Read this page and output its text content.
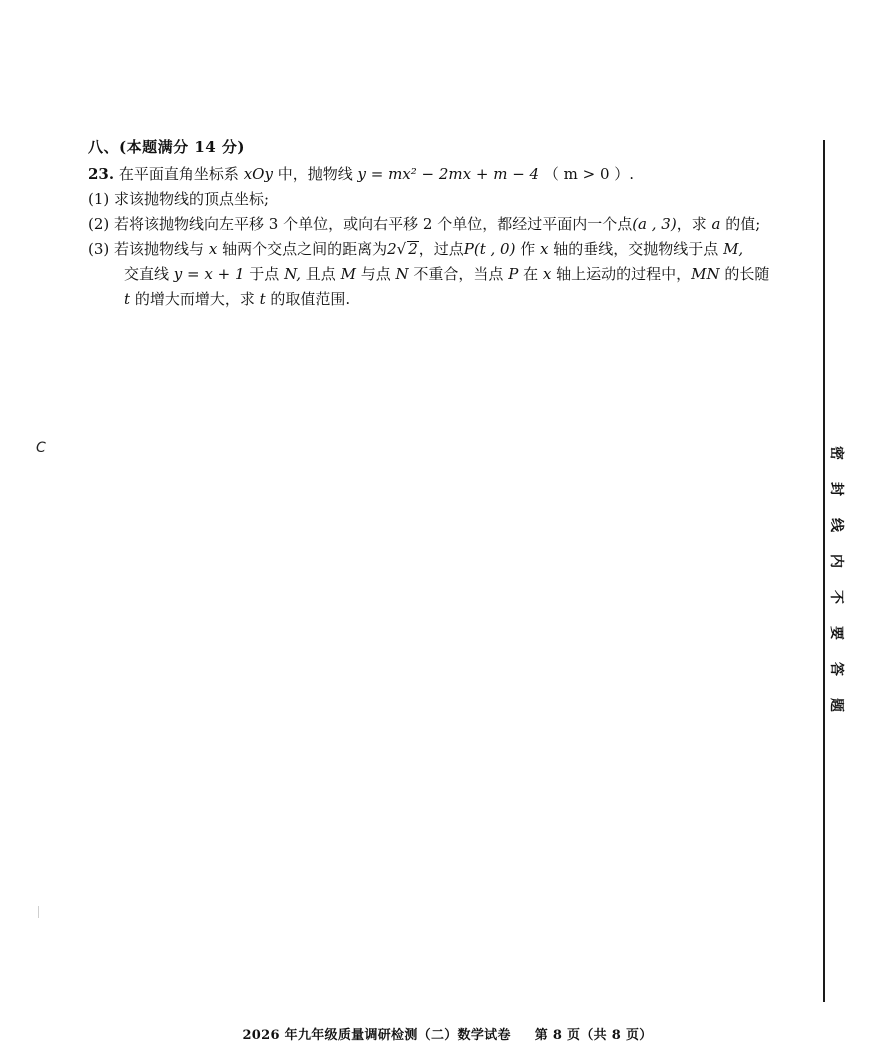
八、(本题满分 14 分)
23. 在平面直角坐标系 xOy 中，抛物线 y = mx² − 2mx + m − 4 （ m > 0 ）.
(1) 求该抛物线的顶点坐标;
(2) 若将该抛物线向左平移 3 个单位，或向右平移 2 个单位，都经过平面内一个点(a , 3)，求 a 的值;
(3) 若该抛物线与 x 轴两个交点之间的距离为2√ 2，过点P(t , 0) 作 x 轴的垂线，交抛物线于点 M,
交直线 y = x + 1 于点 N, 且点 M 与点 N 不重合，当点 P 在 x 轴上运动的过程中，MN 的长随
t 的增大而增大，求 t 的取值范围.
C	密
封
线
内
不
要
答
题
2026 年九年级质量调研检测（二）数学试卷 第 8 页（共 8 页）
